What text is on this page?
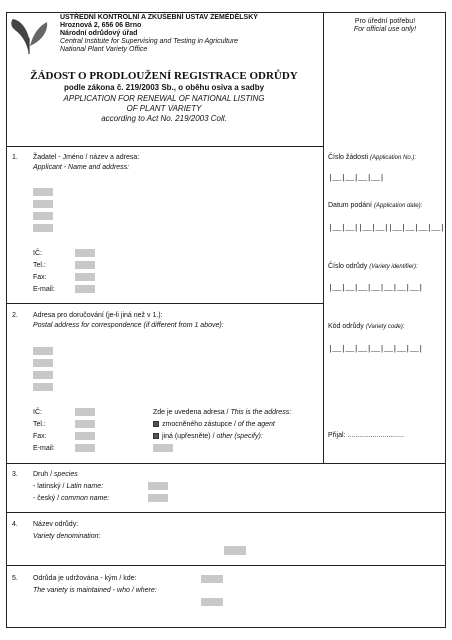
ÚSTŘEDNÍ KONTROLNÍ A ZKUŠEBNÍ ÚSTAV ZEMĚDĚLSKÝ
Hroznová 2, 656 06 Brno
Národní odrůdový úřad
Central Institute for Supervising and Testing in Agriculture
National Plant Variety Office
ŽÁDOST O PRODLOUŽENÍ REGISTRACE ODRŮDY
podle zákona č. 219/2003 Sb., o oběhu osiva a sadby
APPLICATION FOR RENEWAL OF NATIONAL LISTING
OF PLANT VARIETY
according to Act No. 219/2003 Coll.
Pro úřední potřebu!
For official use only!
Číslo žádosti (Application No.):
|__|__|__|__|
Datum podání (Application date):
|__|__||__|__||__|__|__|__|
Číslo odrůdy (Variety identifier):
|__|__|__|__|__|__|__|
Kód odrůdy (Variety code):
|__|__|__|__|__|__|__|
Přijal: .............................
1. Žadatel - Jméno / název a adresa:
Applicant - Name and address:
IČ:
Tel.:
Fax:
E-mail:
2. Adresa pro doručování (je-li jiná než v 1.):
Postal address for correspondence (if different from 1 above):
IČ:
Tel.:
Fax:
E-mail:
Zde je uvedena adresa / This is the address:
zmocněného zástupce / of the agent
jiná (upřesněte) / other (specify):
3. Druh / species
- latinský / Latin name:
- český / common name:
4. Název odrůdy:
Variety denomination:
5. Odrůda je udržována - kým / kde:
The variety is maintained - who / where:
